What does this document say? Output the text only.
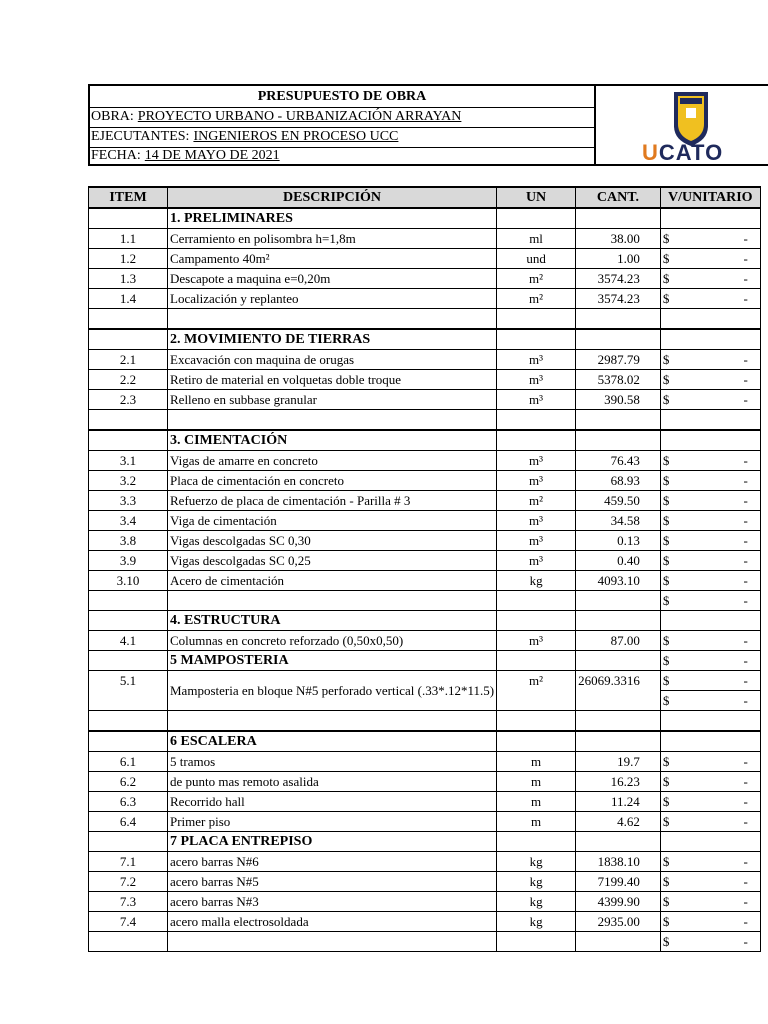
PRESUPUESTO DE OBRA
OBRA: PROYECTO URBANO - URBANIZACIÓN ARRAYAN
EJECUTANTES: INGENIEROS EN PROCESO UCC
FECHA: 14 DE MAYO DE 2021	UCATO
ITEM	DESCRIPCIÓN	UN	CANT.	V/UNITARIO
	1. PRELIMINARES			
1.1	Cerramiento en polisombra h=1,8m	ml	38.00	$ -

1.2	Campamento 40m²	und	1.00	$ -

1.3	Descapote a maquina e=0,20m	m²	3574.23	$ -

1.4	Localización y replanteo	m²	3574.23	$ -

	2. MOVIMIENTO DE TIERRAS			
2.1	Excavación con maquina de orugas	m³	2987.79	$ -

2.2	Retiro de material en volquetas doble troque	m³	5378.02	$ -

2.3	Relleno en subbase granular	m³	390.58	$ -

	3. CIMENTACIÓN			
3.1	Vigas de amarre en concreto	m³	76.43	$ -

3.2	Placa de cimentación en concreto	m³	68.93	$ -

3.3	Refuerzo de placa de cimentación - Parilla # 3	m²	459.50	$ -

3.4	Viga de cimentación	m³	34.58	$ -

3.8	Vigas descolgadas SC 0,30	m³	0.13	$ -

3.9	Vigas descolgadas SC 0,25	m³	0.40	$ -

3.10	Acero de cimentación	kg	4093.10	$ -

				$ -

	4. ESTRUCTURA			
4.1	Columnas en concreto reforzado (0,50x0,50)	m³	87.00	$ -

	5 MAMPOSTERIA			$ -

5.1	Mamposteria en bloque N#5 perforado vertical (.33*.12*11.5)	m²	26069.3316	$ -

				$ -

	6 ESCALERA			
6.1	5 tramos	m	19.7	$ -

6.2	de punto mas remoto asalida	m	16.23	$ -

6.3	Recorrido hall	m	11.24	$ -

6.4	Primer piso	m	4.62	$ -

	7 PLACA ENTREPISO			
7.1	acero barras N#6	kg	1838.10	$ -

7.2	acero barras N#5	kg	7199.40	$ -

7.3	acero barras N#3	kg	4399.90	$ -

7.4	acero malla electrosoldada	kg	2935.00	$ -

				$ -
